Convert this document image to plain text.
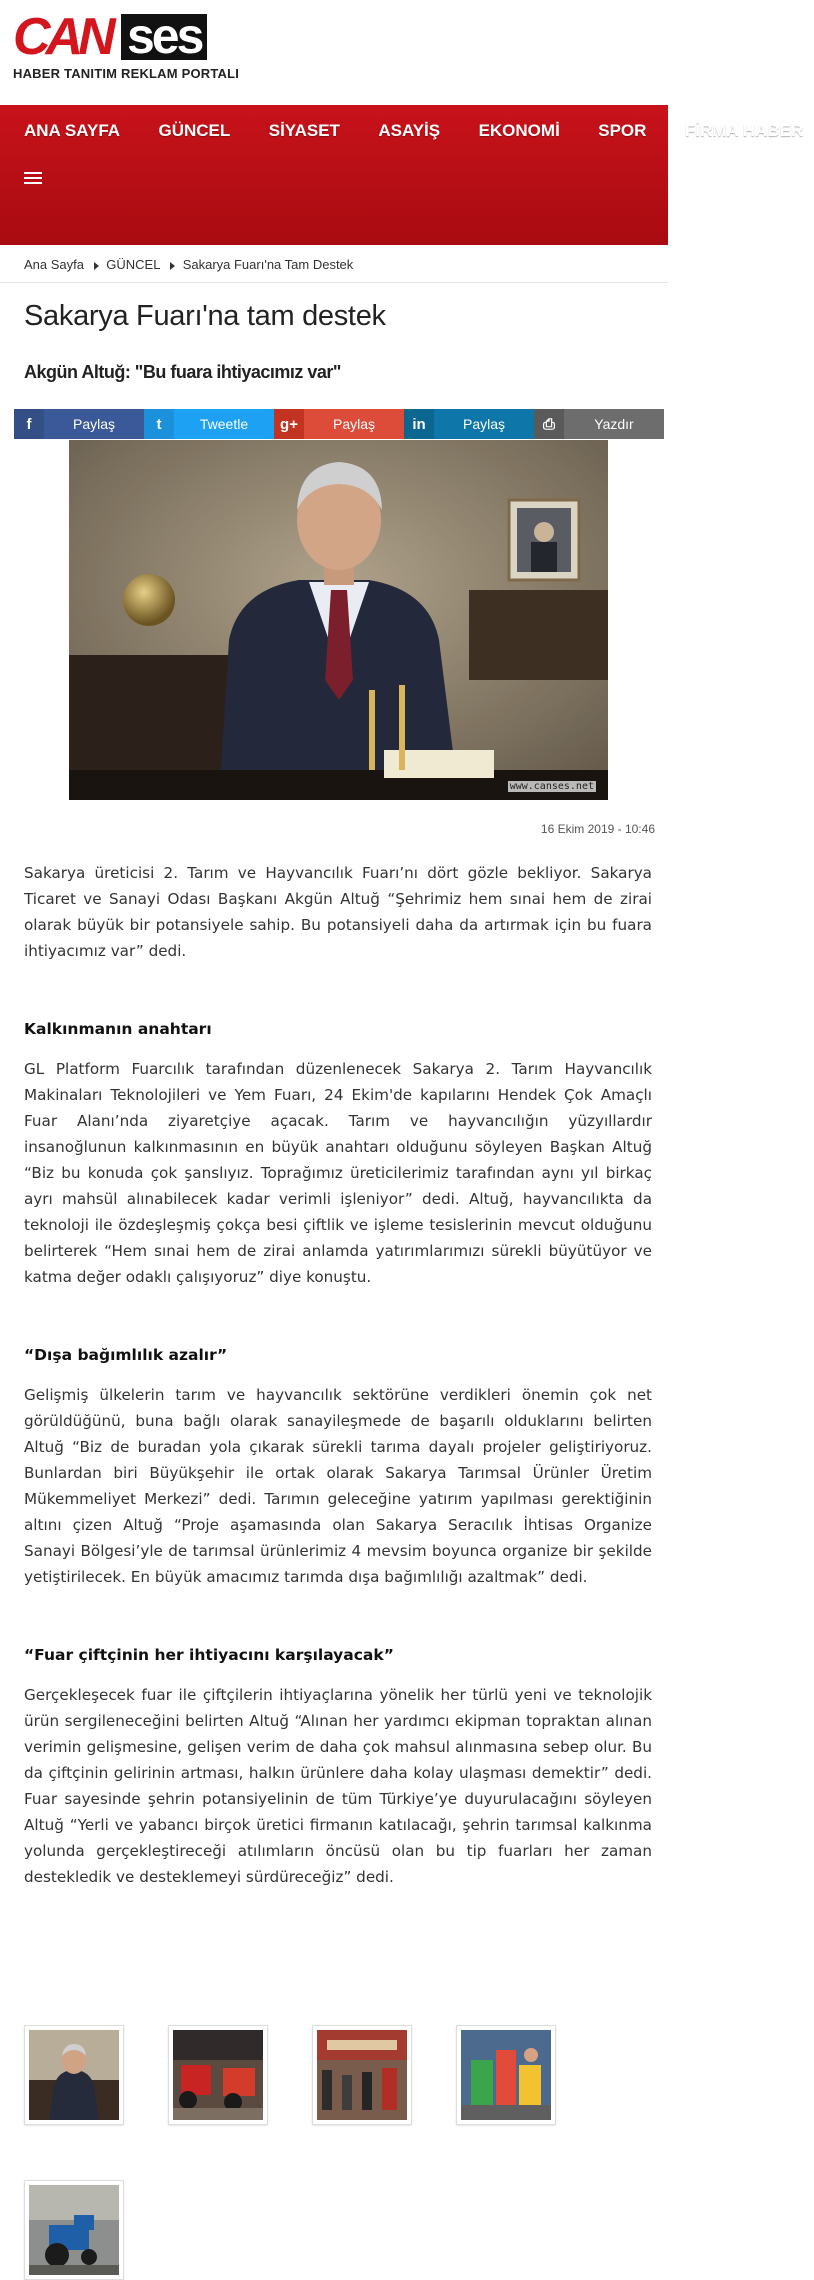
CAN ses
HABER TANITIM REKLAM PORTALI
ANA SAYFA GÜNCEL SİYASET ASAYİŞ EKONOMİ SPOR FİRMA HABER
Ana Sayfa GÜNCEL Sakarya Fuarı'na Tam Destek
Sakarya Fuarı'na tam destek
Akgün Altuğ: "Bu fuara ihtiyacımız var"
f	Paylaş	t	Tweetle	g+	Paylaş	in	Paylaş	⎙	Yazdır
www.canses.net
16 Ekim 2019 - 10:46

Sakarya üreticisi 2. Tarım ve Hayvancılık Fuarı’nı dört gözle bekliyor. Sakarya Ticaret ve Sanayi Odası Başkanı Akgün Altuğ “Şehrimiz hem sınai hem de zirai olarak büyük bir potansiyele sahip. Bu potansiyeli daha da artırmak için bu fuara ihtiyacımız var” dedi.

Kalkınmanın anahtarı

GL Platform Fuarcılık tarafından düzenlenecek Sakarya 2. Tarım Hayvancılık Makinaları Teknolojileri ve Yem Fuarı, 24 Ekim'de kapılarını Hendek Çok Amaçlı Fuar Alanı’nda ziyaretçiye açacak. Tarım ve hayvancılığın yüzyıllardır insanoğlunun kalkınmasının en büyük anahtarı olduğunu söyleyen Başkan Altuğ “Biz bu konuda çok şanslıyız. Toprağımız üreticilerimiz tarafından aynı yıl birkaç ayrı mahsül alınabilecek kadar verimli işleniyor” dedi. Altuğ, hayvancılıkta da teknoloji ile özdeşleşmiş çokça besi çiftlik ve işleme tesislerinin mevcut olduğunu belirterek “Hem sınai hem de zirai anlamda yatırımlarımızı sürekli büyütüyor ve katma değer odaklı çalışıyoruz” diye konuştu.

“Dışa bağımlılık azalır”

Gelişmiş ülkelerin tarım ve hayvancılık sektörüne verdikleri önemin çok net görüldüğünü, buna bağlı olarak sanayileşmede de başarılı olduklarını belirten Altuğ “Biz de buradan yola çıkarak sürekli tarıma dayalı projeler geliştiriyoruz. Bunlardan biri Büyükşehir ile ortak olarak Sakarya Tarımsal Ürünler Üretim Mükemmeliyet Merkezi” dedi. Tarımın geleceğine yatırım yapılması gerektiğinin altını çizen Altuğ “Proje aşamasında olan Sakarya Seracılık İhtisas Organize Sanayi Bölgesi’yle de tarımsal ürünlerimiz 4 mevsim boyunca organize bir şekilde yetiştirilecek. En büyük amacımız tarımda dışa bağımlılığı azaltmak” dedi.

“Fuar çiftçinin her ihtiyacını karşılayacak”

Gerçekleşecek fuar ile çiftçilerin ihtiyaçlarına yönelik her türlü yeni ve teknolojik ürün sergileneceğini belirten Altuğ “Alınan her yardımcı ekipman topraktan alınan verimin gelişmesine, gelişen verim de daha çok mahsul alınmasına sebep olur. Bu da çiftçinin gelirinin artması, halkın ürünlere daha kolay ulaşması demektir” dedi. Fuar sayesinde şehrin potansiyelinin de tüm Türkiye’ye duyurulacağını söyleyen Altuğ “Yerli ve yabancı birçok üretici firmanın katılacağı, şehrin tarımsal kalkınma yolunda gerçekleştireceği atılımların öncüsü olan bu tip fuarları her zaman destekledik ve desteklemeyi sürdüreceğiz” dedi.
